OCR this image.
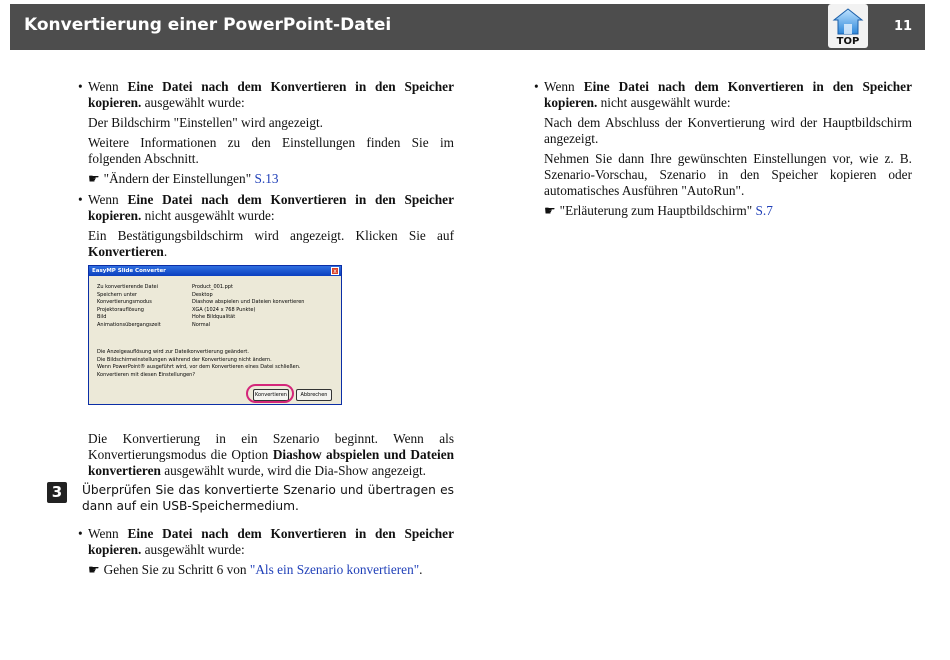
Konvertierung einer PowerPoint-Datei
TOP
11
• Wenn Eine Datei nach dem Konvertieren in den Speicher kopieren. ausgewählt wurde:

Der Bildschirm "Einstellen" wird angezeigt.

Weitere Informationen zu den Einstellungen finden Sie im folgenden Abschnitt.

☛ "Ändern der Einstellungen" S.13

• Wenn Eine Datei nach dem Konvertieren in den Speicher kopieren. nicht ausgewählt wurde:

Ein Bestätigungsbildschirm wird angezeigt. Klicken Sie auf Konvertieren.

EasyMP Slide Converter	x
Zu konvertierende Datei	Product_001.ppt
Speichern unter	Desktop
Konvertierungsmodus	Diashow abspielen und Dateien konvertieren
Projektorauflösung	XGA (1024 x 768 Punkte)
Bild	Hohe Bildqualität
Animationsübergangszeit	Normal
Die Anzeigeauflösung wird zur Dateikonvertierung geändert.
Die Bildschirmeinstellungen während der Konvertierung nicht ändern.
Wenn PowerPoint® ausgeführt wird, vor dem Konvertieren eines Datei schließen.
Konvertieren mit diesen Einstellungen?
Konvertieren	Abbrechen

Die Konvertierung in ein Szenario beginnt. Wenn als Konvertierungsmodus die Option Diashow abspielen und Dateien konvertieren ausgewählt wurde, wird die Dia-Show angezeigt.

3	Überprüfen Sie das konvertierte Szenario und übertragen es dann auf ein USB-Speichermedium.
• Wenn Eine Datei nach dem Konvertieren in den Speicher kopieren. ausgewählt wurde:

☛ Gehen Sie zu Schritt 6 von "Als ein Szenario konvertieren".

• Wenn Eine Datei nach dem Konvertieren in den Speicher kopieren. nicht ausgewählt wurde:

Nach dem Abschluss der Konvertierung wird der Hauptbildschirm angezeigt.

Nehmen Sie dann Ihre gewünschten Einstellungen vor, wie z. B. Szenario-Vorschau, Szenario in den Speicher kopieren oder automatisches Ausführen "AutoRun".

☛ "Erläuterung zum Hauptbildschirm" S.7
